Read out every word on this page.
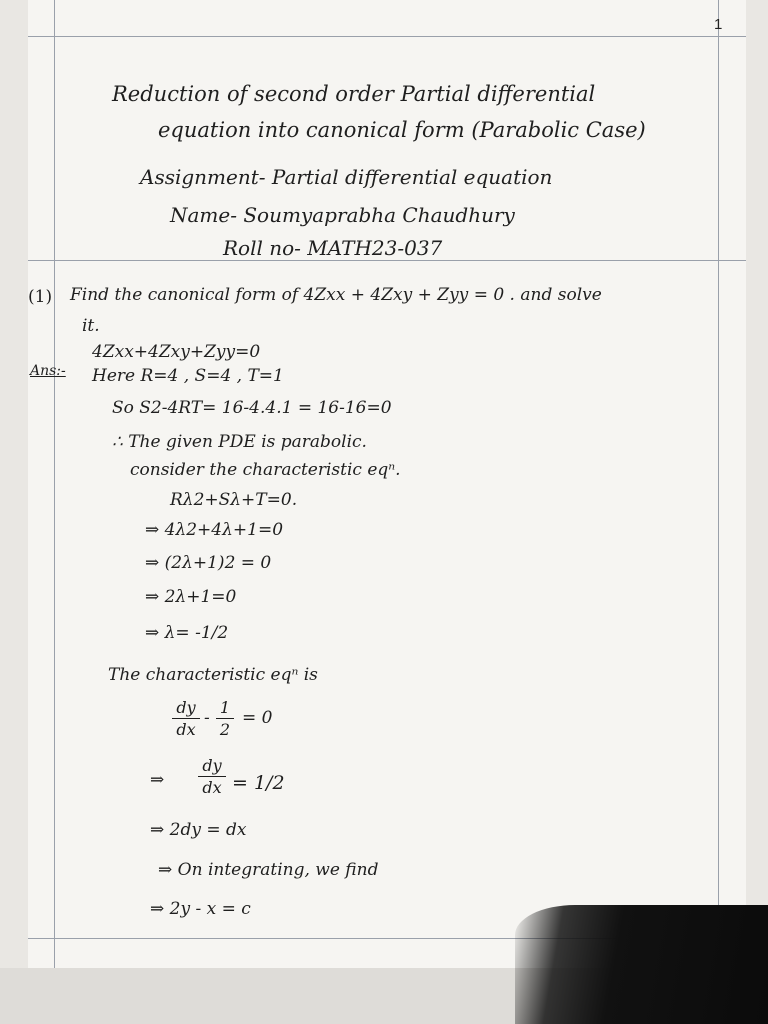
1
Reduction of second order Partial differential
equation into canonical form (Parabolic Case)
Assignment- Partial differential equation
Name- Soumyaprabha Chaudhury
Roll no- MATH23-037
(1) Find the canonical form of 4Zxx + 4Zxy + Zyy = 0 . and solve
it.
Ans:-
4Zxx+4Zxy+Zyy=0
Here R=4 , S=4 , T=1
So S2-4RT= 16-4.4.1 = 16-16=0
∴ The given PDE is parabolic.
consider the characteristic eqⁿ.
Rλ2+Sλ+T=0.
⇒ 4λ2+4λ+1=0
⇒ (2λ+1)2 = 0
⇒ 2λ+1=0
⇒ λ= -1/2
The characteristic eqⁿ is
dy
dx
-
1
2
= 0
⇒
dy
dx = 1/2
⇒ 2dy = dx
⇒ On integrating, we find
⇒ 2y - x = c
